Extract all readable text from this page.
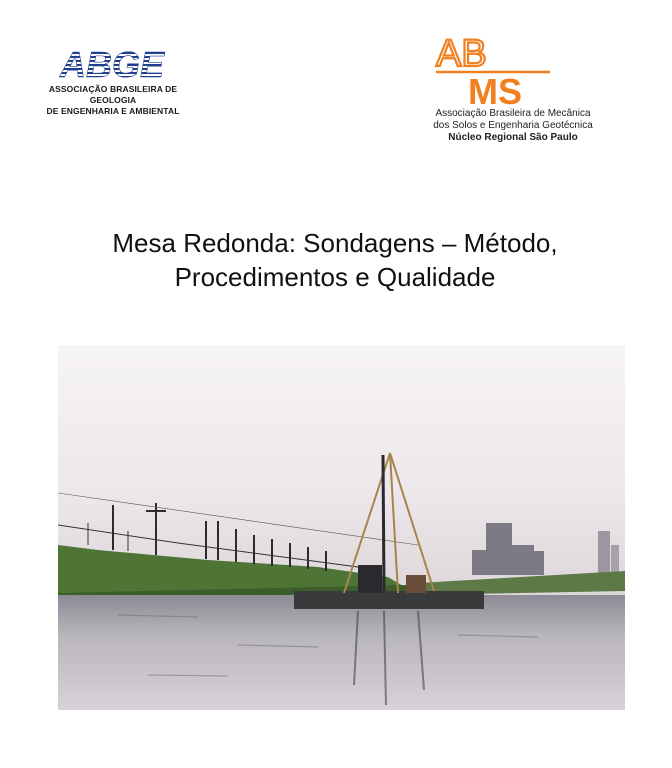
ABGE
ASSOCIAÇÃO BRASILEIRA DE GEOLOGIA
DE ENGENHARIA E AMBIENTAL
AB
MS
Associação Brasileira de Mecânica
dos Solos e Engenharia Geotécnica
Núcleo Regional São Paulo
Mesa Redonda: Sondagens – Método,
Procedimentos e Qualidade
